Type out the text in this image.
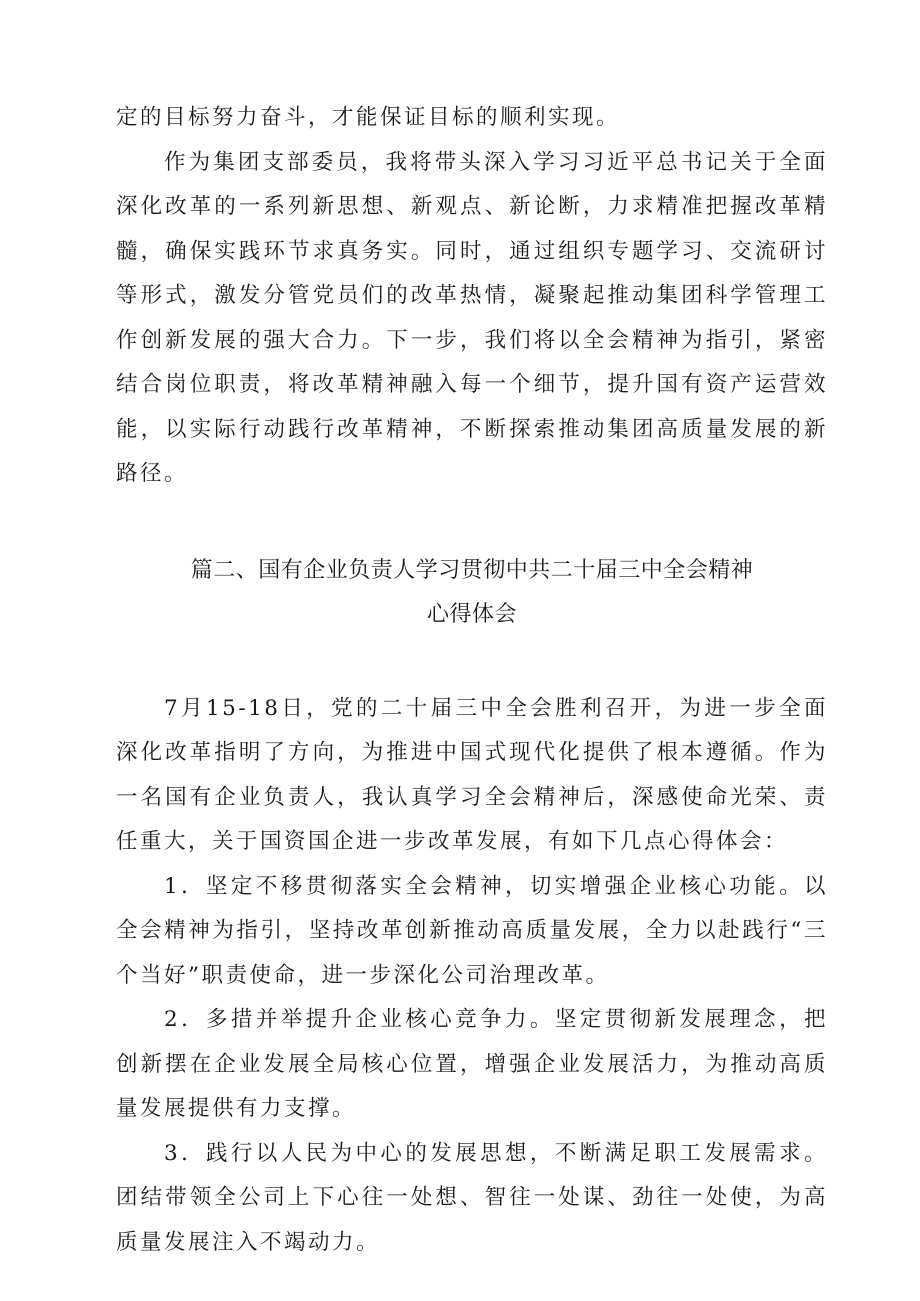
定的目标努力奋斗，才能保证目标的顺利实现。

作为集团支部委员，我将带头深入学习习近平总书记关于全面深化改革的一系列新思想、新观点、新论断，力求精准把握改革精髓，确保实践环节求真务实。同时，通过组织专题学习、交流研讨等形式，激发分管党员们的改革热情，凝聚起推动集团科学管理工作创新发展的强大合力。下一步，我们将以全会精神为指引，紧密结合岗位职责，将改革精神融入每一个细节，提升国有资产运营效能，以实际行动践行改革精神，不断探索推动集团高质量发展的新路径。

篇二、国有企业负责人学习贯彻中共二十届三中全会精神

心得体会

7月15-18日，党的二十届三中全会胜利召开，为进一步全面深化改革指明了方向，为推进中国式现代化提供了根本遵循。作为一名国有企业负责人，我认真学习全会精神后，深感使命光荣、责任重大，关于国资国企进一步改革发展，有如下几点心得体会：

1．坚定不移贯彻落实全会精神，切实增强企业核心功能。以全会精神为指引，坚持改革创新推动高质量发展，全力以赴践行“三个当好”职责使命，进一步深化公司治理改革。

2．多措并举提升企业核心竞争力。坚定贯彻新发展理念，把创新摆在企业发展全局核心位置，增强企业发展活力，为推动高质量发展提供有力支撑。

3．践行以人民为中心的发展思想，不断满足职工发展需求。团结带领全公司上下心往一处想、智往一处谋、劲往一处使，为高质量发展注入不竭动力。
